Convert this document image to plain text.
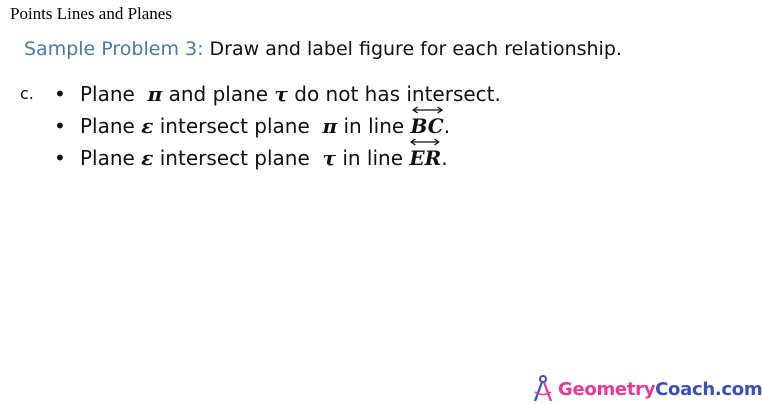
Points Lines and Planes
Sample Problem 3: Draw and label figure for each relationship.
c. • Plane π and plane τ do not has intersect.
• Plane ε intersect plane π in line BC.
• Plane ε intersect plane τ in line ER.
GeometryCoach.com
